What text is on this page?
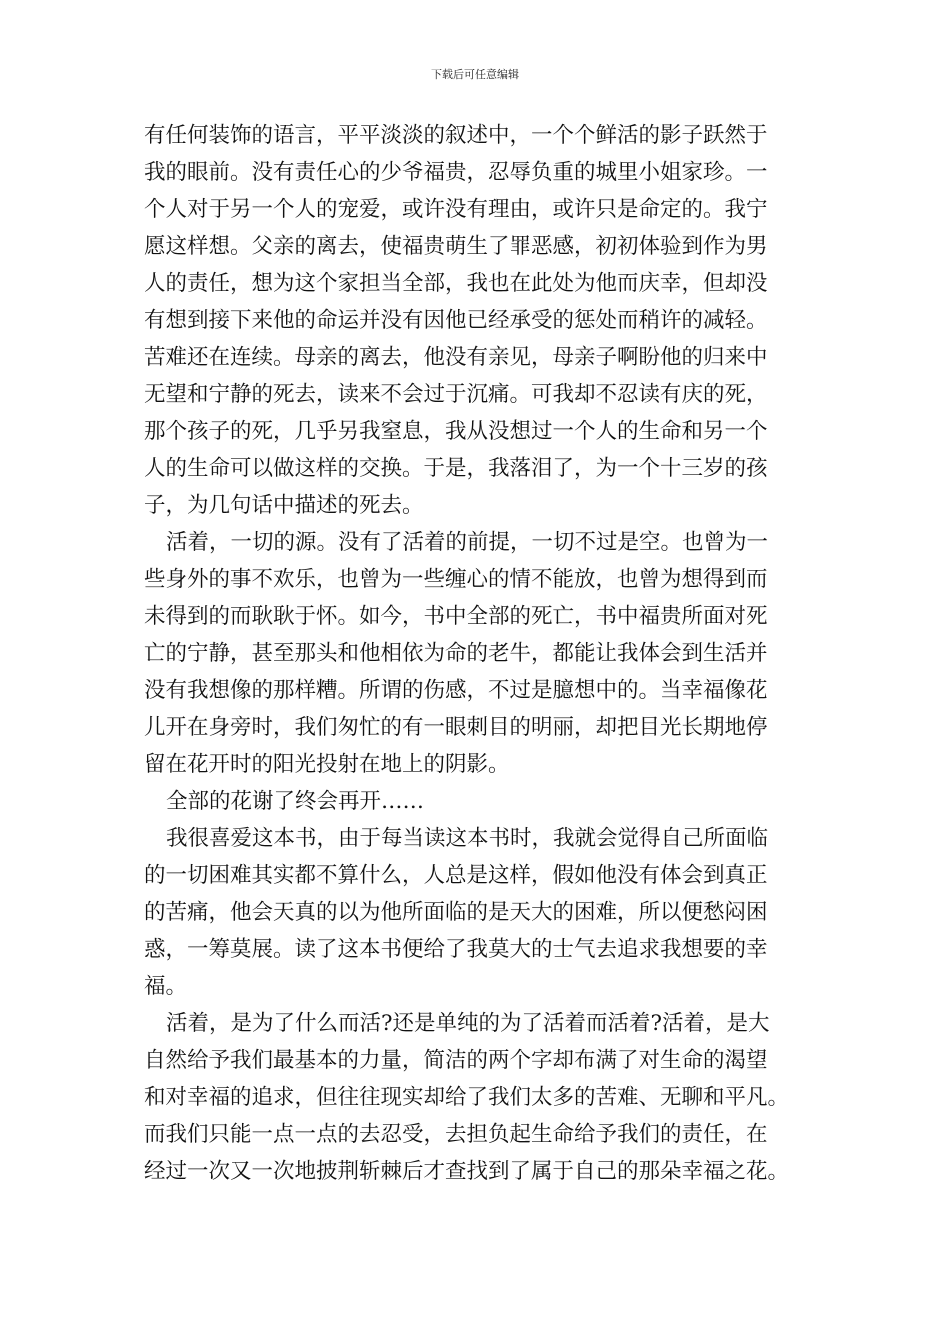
下载后可任意编辑
有任何装饰的语言，平平淡淡的叙述中，一个个鲜活的影子跃然于
我的眼前。没有责任心的少爷福贵，忍辱负重的城里小姐家珍。一
个人对于另一个人的宠爱，或许没有理由，或许只是命定的。我宁
愿这样想。父亲的离去，使福贵萌生了罪恶感，初初体验到作为男
人的责任，想为这个家担当全部，我也在此处为他而庆幸，但却没
有想到接下来他的命运并没有因他已经承受的惩处而稍许的减轻。
苦难还在连续。母亲的离去，他没有亲见，母亲子啊盼他的归来中
无望和宁静的死去，读来不会过于沉痛。可我却不忍读有庆的死，
那个孩子的死，几乎另我窒息，我从没想过一个人的生命和另一个
人的生命可以做这样的交换。于是，我落泪了，为一个十三岁的孩
子，为几句话中描述的死去。
活着，一切的源。没有了活着的前提，一切不过是空。也曾为一
些身外的事不欢乐，也曾为一些缠心的情不能放，也曾为想得到而
未得到的而耿耿于怀。如今，书中全部的死亡，书中福贵所面对死
亡的宁静，甚至那头和他相依为命的老牛，都能让我体会到生活并
没有我想像的那样糟。所谓的伤感，不过是臆想中的。当幸福像花
儿开在身旁时，我们匆忙的有一眼刺目的明丽，却把目光长期地停
留在花开时的阳光投射在地上的阴影。
全部的花谢了终会再开……
我很喜爱这本书，由于每当读这本书时，我就会觉得自己所面临
的一切困难其实都不算什么，人总是这样，假如他没有体会到真正
的苦痛，他会天真的以为他所面临的是天大的困难，所以便愁闷困
惑，一筹莫展。读了这本书便给了我莫大的士气去追求我想要的幸
福。
活着，是为了什么而活?还是单纯的为了活着而活着?活着，是大
自然给予我们最基本的力量，简洁的两个字却布满了对生命的渴望
和对幸福的追求，但往往现实却给了我们太多的苦难、无聊和平凡。
而我们只能一点一点的去忍受，去担负起生命给予我们的责任，在
经过一次又一次地披荆斩棘后才查找到了属于自己的那朵幸福之花。
